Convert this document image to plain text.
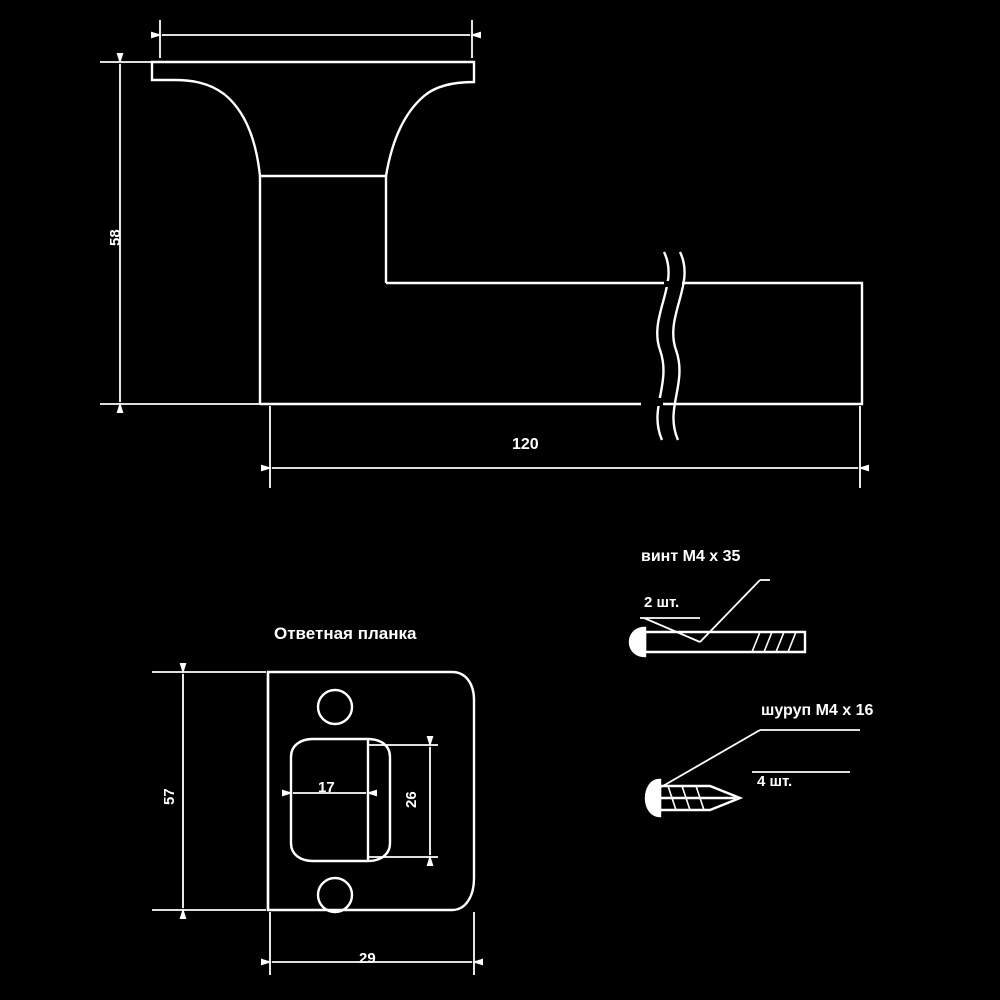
58
120
Ответная планка
57
29
17
26
винт M4 x 35
2 шт.
шуруп M4 x 16
4 шт.
